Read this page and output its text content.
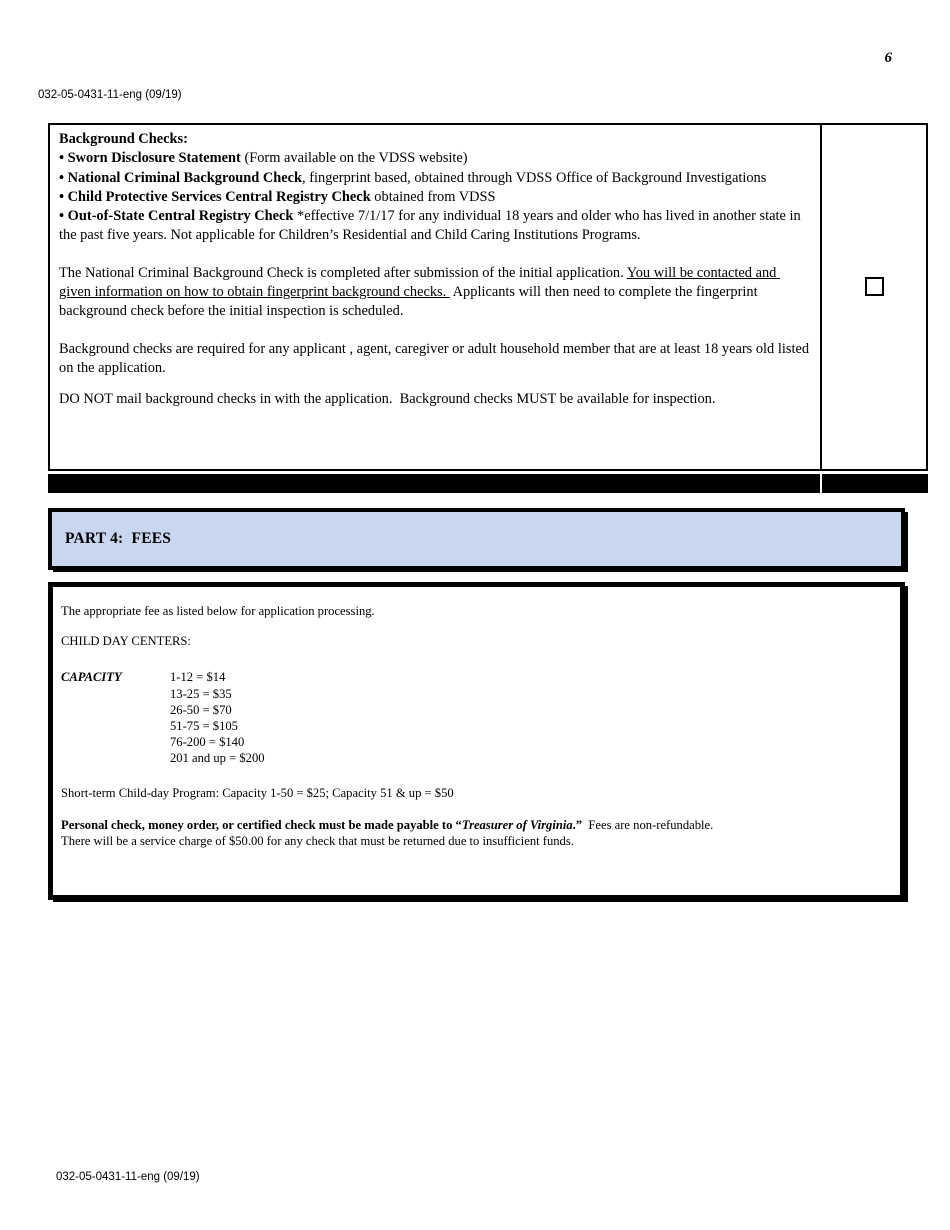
6
032-05-0431-11-eng (09/19)
Background Checks:
• Sworn Disclosure Statement (Form available on the VDSS website)
• National Criminal Background Check, fingerprint based, obtained through VDSS Office of Background Investigations
• Child Protective Services Central Registry Check obtained from VDSS
• Out-of-State Central Registry Check *effective 7/1/17 for any individual 18 years and older who has lived in another state in the past five years. Not applicable for Children’s Residential and Child Caring Institutions Programs.
The National Criminal Background Check is completed after submission of the initial application. You will be contacted and given information on how to obtain fingerprint background checks.  Applicants will then need to complete the fingerprint background check before the initial inspection is scheduled.
Background checks are required for any applicant , agent, caregiver or adult household member that are at least 18 years old listed on the application.
DO NOT mail background checks in with the application.  Background checks MUST be available for inspection.
PART 4:  FEES
The appropriate fee as listed below for application processing.
CHILD DAY CENTERS:
CAPACITY	1-12 = $14
13-25 = $35
26-50 = $70
51-75 = $105
76-200 = $140
201 and up = $200
Short-term Child-day Program: Capacity 1-50 = $25; Capacity 51 & up = $50
Personal check, money order, or certified check must be made payable to “Treasurer of Virginia.”  Fees are non-refundable.
There will be a service charge of $50.00 for any check that must be returned due to insufficient funds.
032-05-0431-11-eng (09/19)
